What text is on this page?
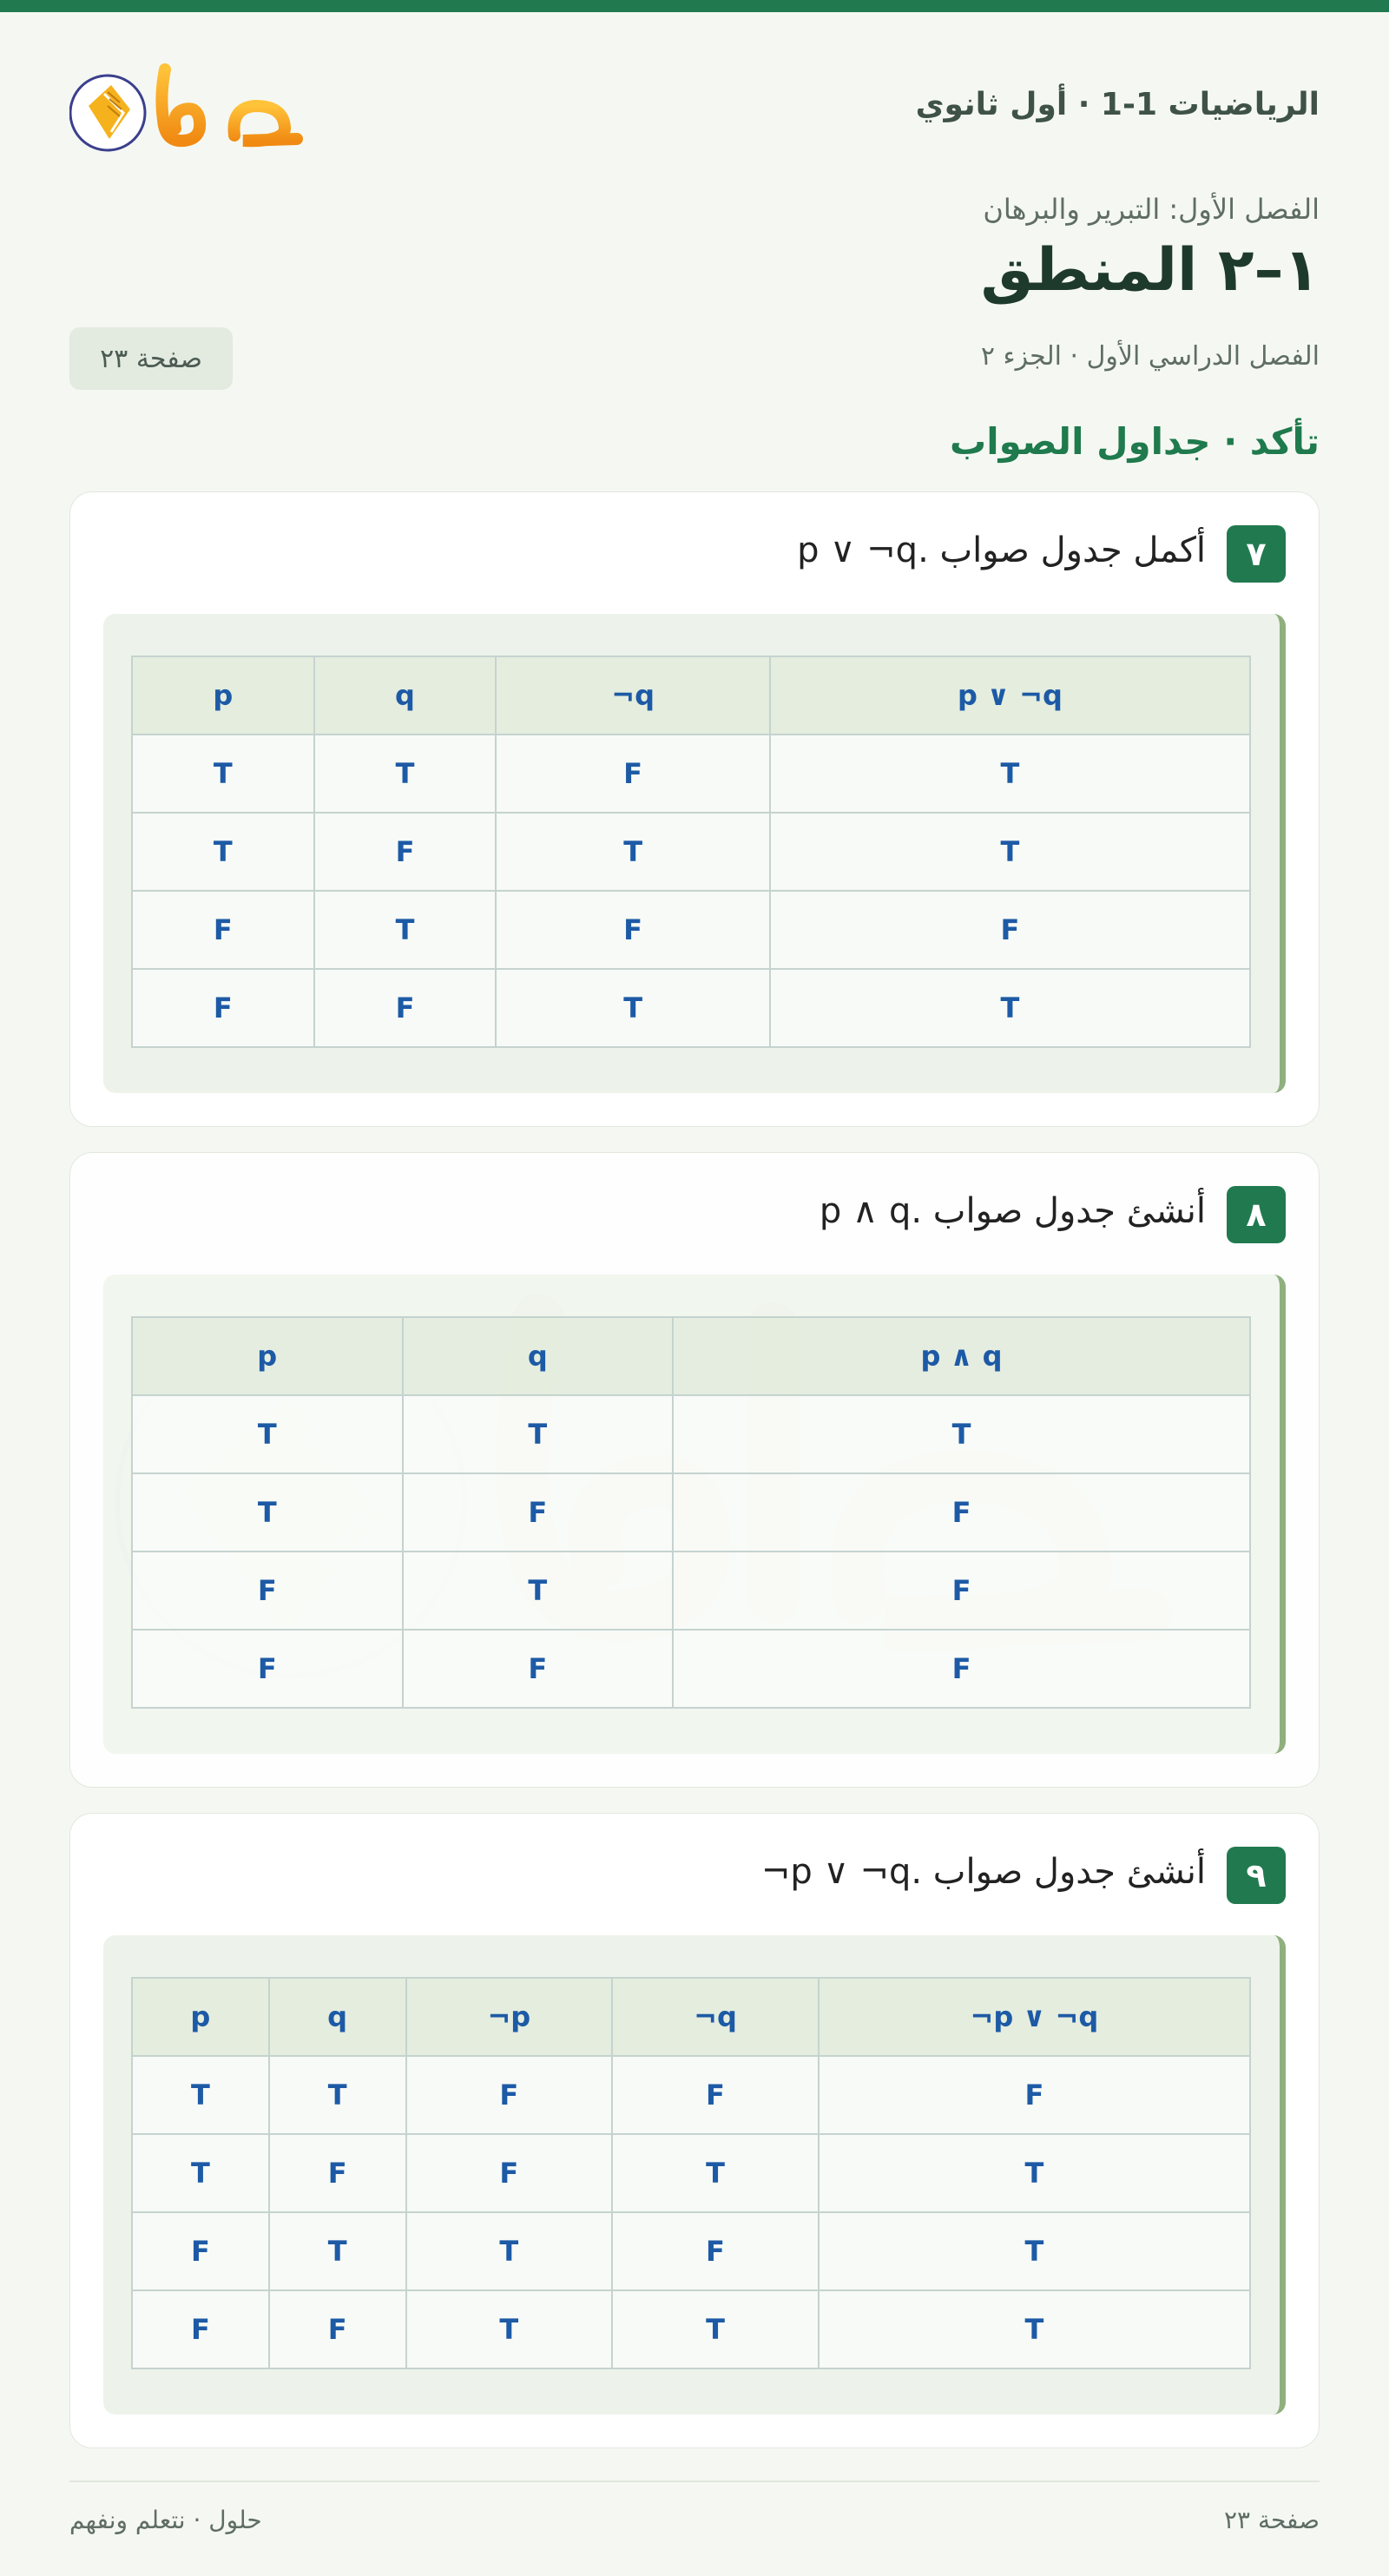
الرياضيات 1-1 · أول ثانوي
الفصل الأول: التبرير والبرهان
١–٢ المنطق
الفصل الدراسي الأول · الجزء ٢
صفحة ٢٣
تأكد · جداول الصواب
٧
أكمل جدول صواب p ∨ ¬q.
p	q	¬q	p ∨ ¬q
T	T	F	T
T	F	T	T
F	T	F	F
F	F	T	T
٨
أنشئ جدول صواب p ∧ q.
p	q	p ∧ q
T	T	T
T	F	F
F	T	F
F	F	F
٩
أنشئ جدول صواب ¬p ∨ ¬q.
p	q	¬p	¬q	¬p ∨ ¬q
T	T	F	F	F
T	F	F	T	T
F	T	T	F	T
F	F	T	T	T
حلول · نتعلم ونفهم	صفحة ٢٣
